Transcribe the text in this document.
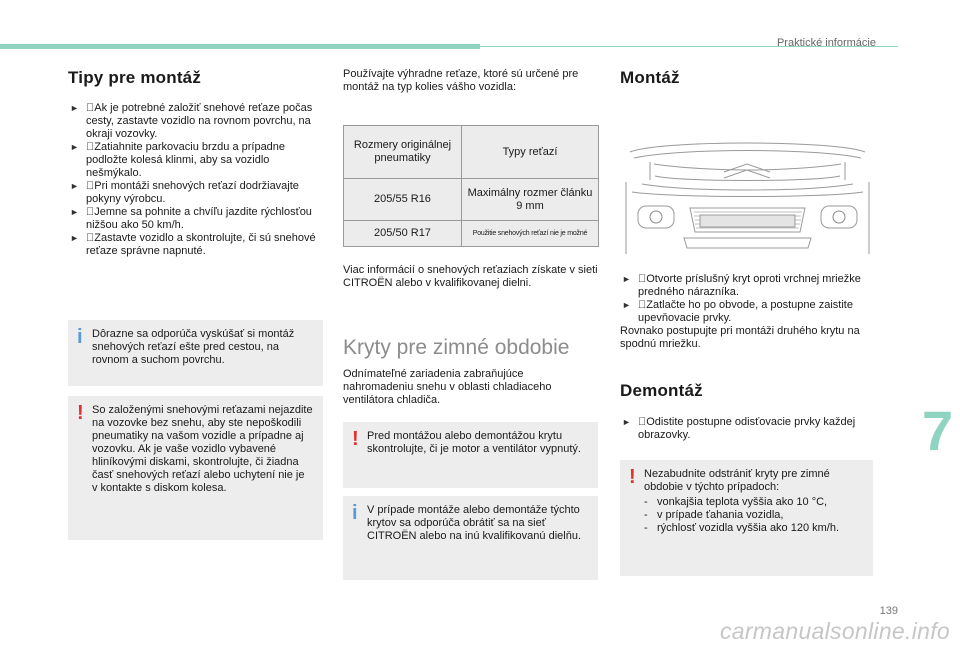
Praktické informácie
Tipy pre montáž
► Ak je potrebné založiť snehové reťaze počas cesty, zastavte vozidlo na rovnom povrchu, na okraji vozovky.
► Zatiahnite parkovaciu brzdu a prípadne podložte kolesá klinmi, aby sa vozidlo nešmýkalo.
► Pri montáži snehových reťazí dodržiavajte pokyny výrobcu.
► Jemne sa pohnite a chvíľu jazdite rýchlosťou nižšou ako 50 km/h.
► Zastavte vozidlo a skontrolujte, či sú snehové reťaze správne napnuté.
i Dôrazne sa odporúča vyskúšať si montáž snehových reťazí ešte pred cestou, na rovnom a suchom povrchu.
! So založenými snehovými reťazami nejazdite na vozovke bez snehu, aby ste nepoškodili pneumatiky na vašom vozidle a prípadne aj vozovku. Ak je vaše vozidlo vybavené hliníkovými diskami, skontrolujte, či žiadna časť snehových reťazí alebo uchytení nie je v kontakte s diskom kolesa.
Používajte výhradne reťaze, ktoré sú určené pre montáž na typ kolies vášho vozidla:
Rozmery originálnej pneumatiky	Typy reťazí
205/55 R16	Maximálny rozmer článku 9 mm
205/50 R17	Použitie snehových reťazí nie je možné
Viac informácií o snehových reťaziach získate v sieti CITROËN alebo v kvalifikovanej dielni.
Kryty pre zimné obdobie
Odnímateľné zariadenia zabraňujúce nahromadeniu snehu v oblasti chladiaceho ventilátora chladiča.
! Pred montážou alebo demontážou krytu skontrolujte, či je motor a ventilátor vypnutý.
i V prípade montáže alebo demontáže týchto krytov sa odporúča obrátiť sa na sieť CITROËN alebo na inú kvalifikovanú dielňu.
Montáž
► Otvorte príslušný kryt oproti vrchnej mriežke predného nárazníka.
► Zatlačte ho po obvode, a postupne zaistite upevňovacie prvky.
Rovnako postupujte pri montáži druhého krytu na spodnú mriežku.
Demontáž
► Odistite postupne odisťovacie prvky každej obrazovky.
! Nezabudnite odstrániť kryty pre zimné obdobie v týchto prípadoch:
- vonkajšia teplota vyššia ako 10 °C,
- v prípade ťahania vozidla,
- rýchlosť vozidla vyššia ako 120 km/h.
7
139
carmanualsonline.info
